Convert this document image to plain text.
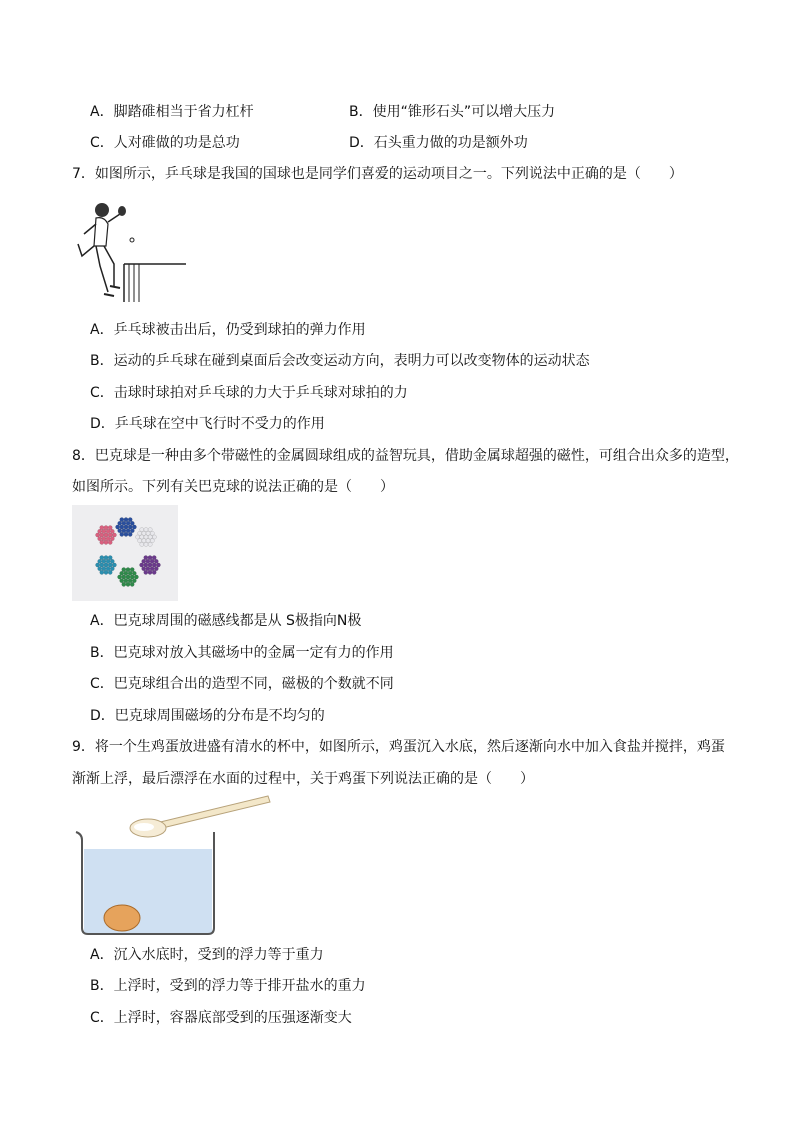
A．脚踏碓相当于省力杠杆	B．使用“锥形石头”可以增大压力
C．人对碓做的功是总功	D．石头重力做的功是额外功
7．如图所示，乒乓球是我国的国球也是同学们喜爱的运动项目之一。下列说法中正确的是（　　）
A．乒乓球被击出后，仍受到球拍的弹力作用
B．运动的乒乓球在碰到桌面后会改变运动方向，表明力可以改变物体的运动状态
C．击球时球拍对乒乓球的力大于乒乓球对球拍的力
D．乒乓球在空中飞行时不受力的作用
8．巴克球是一种由多个带磁性的金属圆球组成的益智玩具，借助金属球超强的磁性，可组合出众多的造型，
如图所示。下列有关巴克球的说法正确的是（　　）
A．巴克球周围的磁感线都是从 S极指向N极
B．巴克球对放入其磁场中的金属一定有力的作用
C．巴克球组合出的造型不同，磁极的个数就不同
D．巴克球周围磁场的分布是不均匀的
9．将一个生鸡蛋放进盛有清水的杯中，如图所示，鸡蛋沉入水底，然后逐渐向水中加入食盐并搅拌，鸡蛋
渐渐上浮，最后漂浮在水面的过程中，关于鸡蛋下列说法正确的是（　　）
A．沉入水底时，受到的浮力等于重力
B．上浮时，受到的浮力等于排开盐水的重力
C．上浮时，容器底部受到的压强逐渐变大
